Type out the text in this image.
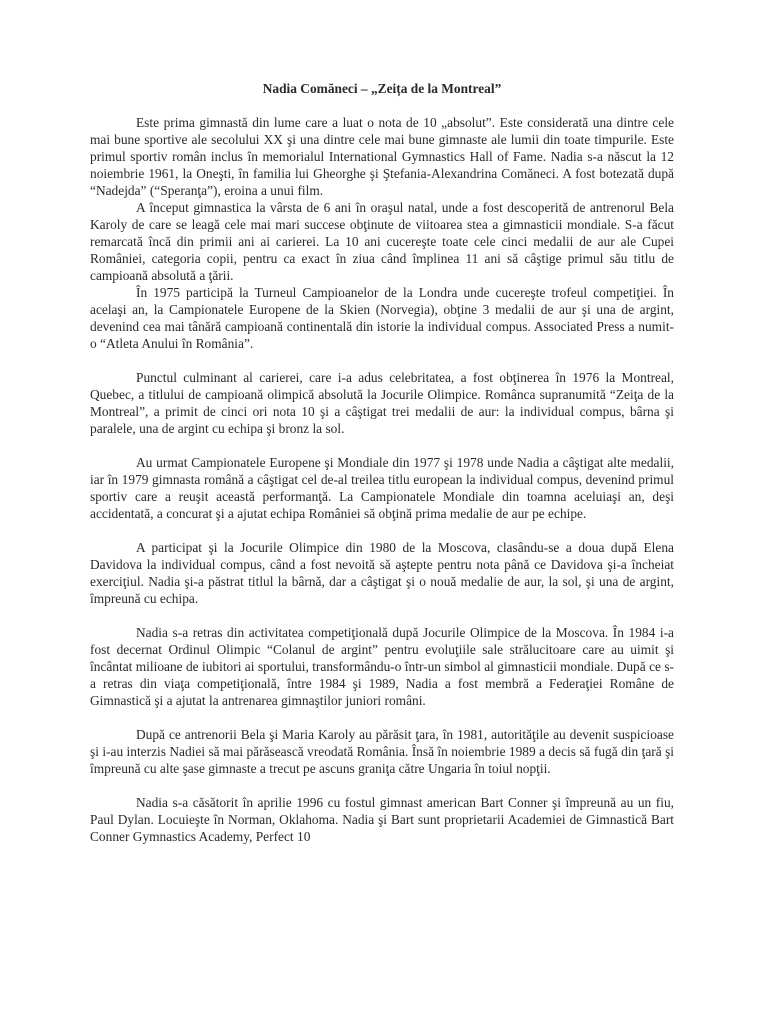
Nadia Comăneci – „Zeița de la Montreal”

Este prima gimnastă din lume care a luat o nota de 10 „absolut”. Este considerată una dintre cele mai bune sportive ale secolului XX şi una dintre cele mai bune gimnaste ale lumii din toate timpurile. Este primul sportiv român inclus în memorialul International Gymnastics Hall of Fame. Nadia s-a născut la 12 noiembrie 1961, la Oneşti, în familia lui Gheorghe şi Ştefania-Alexandrina Comăneci. A fost botezată după “Nadejda” (“Speranţa”), eroina a unui film.

A început gimnastica la vârsta de 6 ani în oraşul natal, unde a fost descoperită de antrenorul Bela Karoly de care se leagă cele mai mari succese obţinute de viitoarea stea a gimnasticii mondiale. S-a făcut remarcată încă din primii ani ai carierei. La 10 ani cucereşte toate cele cinci medalii de aur ale Cupei României, categoria copii, pentru ca exact în ziua când împlinea 11 ani să câştige primul său titlu de campioană absolută a ţării.

În 1975 participă la Turneul Campioanelor de la Londra unde cucereşte trofeul competiţiei. În acelaşi an, la Campionatele Europene de la Skien (Norvegia), obţine 3 medalii de aur şi una de argint, devenind cea mai tânără campioană continentală din istorie la individual compus. Associated Press a numit-o “Atleta Anului în România”.

Punctul culminant al carierei, care i-a adus celebritatea, a fost obţinerea în 1976 la Montreal, Quebec, a titlului de campioană olimpică absolută la Jocurile Olimpice. Românca supranumită “Zeiţa de la Montreal”, a primit de cinci ori nota 10 şi a câştigat trei medalii de aur: la individual compus, bârna şi paralele, una de argint cu echipa şi bronz la sol.

Au urmat Campionatele Europene şi Mondiale din 1977 şi 1978 unde Nadia a câştigat alte medalii, iar în 1979 gimnasta română a câştigat cel de-al treilea titlu european la individual compus, devenind primul sportiv care a reuşit această performanţă. La Campionatele Mondiale din toamna aceluiaşi an, deşi accidentată, a concurat şi a ajutat echipa României să obţină prima medalie de aur pe echipe.

A participat şi la Jocurile Olimpice din 1980 de la Moscova, clasându-se a doua după Elena Davidova la individual compus, când a fost nevoită să aştepte pentru nota până ce Davidova şi-a încheiat exerciţiul. Nadia şi-a păstrat titlul la bârnă, dar a câştigat şi o nouă medalie de aur, la sol, şi una de argint, împreună cu echipa.

Nadia s-a retras din activitatea competiţională după Jocurile Olimpice de la Moscova. În 1984 i-a fost decernat Ordinul Olimpic “Colanul de argint” pentru evoluţiile sale strălucitoare care au uimit şi încântat milioane de iubitori ai sportului, transformându-o într-un simbol al gimnasticii mondiale. După ce s-a retras din viaţa competiţională, între 1984 şi 1989, Nadia a fost membră a Federaţiei Române de Gimnastică şi a ajutat la antrenarea gimnaştilor juniori români.

După ce antrenorii Bela şi Maria Karoly au părăsit ţara, în 1981, autorităţile au devenit suspicioase şi i-au interzis Nadiei să mai părăsească vreodată România. Însă în noiembrie 1989 a decis să fugă din ţară şi împreună cu alte şase gimnaste a trecut pe ascuns graniţa către Ungaria în toiul nopţii.

Nadia s-a căsătorit în aprilie 1996 cu fostul gimnast american Bart Conner şi împreună au un fiu, Paul Dylan. Locuieşte în Norman, Oklahoma. Nadia şi Bart sunt proprietarii Academiei de Gimnastică Bart Conner Gymnastics Academy, Perfect 10
